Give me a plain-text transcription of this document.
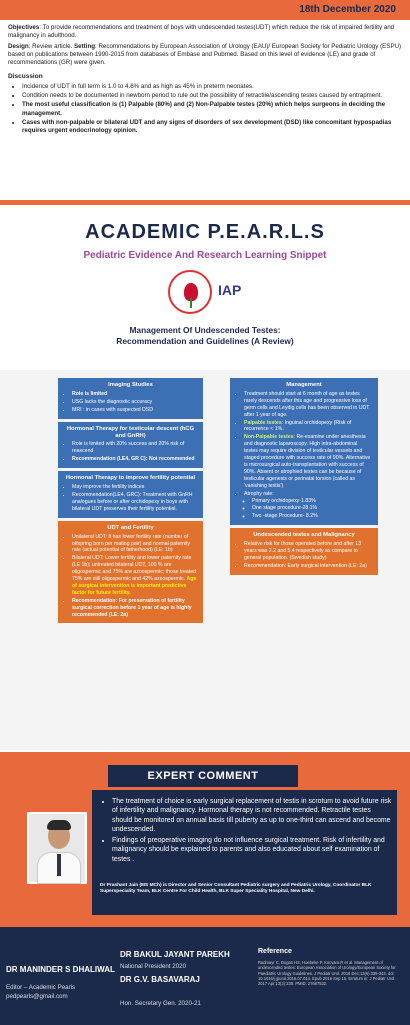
18th December 2020

Objectives: To provide recommendations and treatment of boys with undescended testes(UDT) which reduce the risk of impaired fertility and malignancy in adulthood.

Design: Review article. Setting: Recommendations by European Association of Urology (EAU)/ European Society for Pediatric Urology (ESPU) based on publications between 1990-2015 from databases of Embase and Pubmed. Based on this level of evidence (LE) and grade of recommendations (GR) were given.

Discussion
• Incidence of UDT in full term is 1.0 to 4.6% and as high as 45% in preterm neonates.
• Condition needs to be documented in newborn period to rule out the possibility of retractile/ascending testes caused by entrapment.
• The most useful classification is (1) Palpable (80%) and (2) Non-Palpable testes (20%) which helps surgeons in deciding the management.
• Cases with non-palpable or bilateral UDT and any signs of disorders of sex development (DSD) like concomitant hypospadias requires urgent endocrinology opinion.
ACADEMIC P.E.A.R.L.S
Pediatric Evidence And Research Learning Snippet
IAP
Management Of Undescended Testes:
Recommendation and Guidelines (A Review)
Imaging Studies
• Role is limited
• USG lacks the diagnostic accuracy
• MRI : in cases with suspected DSD
Hormonal Therapy for testicular descent (hCG and GnRH)
• Role is limited with 20% success and 20% risk of reascend
• Recommendation (LE4, GR C): Not recommended
Hormonal Therapy to improve fertility potential
• May improve the fertility indices
• Recommendation(LE4, GRC): Treatment with GnRH analogues before or after orchidopexy in boys with bilateral UDT preserves their fertility potential.
UDT and Fertility
• Unilateral UDT: It has lower fertility rate (number of offspring born per mating pair) and normal paternity rate (actual potential of fatherhood) (LE: 1b)
• Bilateral UDT: Lower fertility and lower paternity rate (LE 1b); untreated bilateral UDT, 100 % are oligospermic and 75% are azoospermic; those treated 75% are still oligospermic and 42% azoospermic. Age of surgical intervention is important predictive factor for future fertility.
• Recommendation: For preservation of fertility surgical correction before 1 year of age is highly recommended (LE: 2a)
Management
• Treatment should start at 6 month of age as testes rarely descends after this age and progressive loss of germ cells and Leydig cells has been observed in UDT after 1 year of age.
• Palpable testes: Inguinal orchidopexy (Risk of recurrence < 1%.
• Non-Palpable testes: Re-examine under anesthesia and diagnostic laparoscopy. High intra-abdominal testes may require division of testicular vessels and staged procedure with success rate of 90%. Alternative is microsurgical auto-transplantation with success of 90%. Absent or atrophied testes can be because of testicular agenesis or perinatal torsion (called as 'vanishing testis')
• Atrophy rate:
◦ Primary orchidopexy-1.83%
◦ One stage procedure-28.1%
◦ Two -stage Procedure- 8.2%
Undescended testes and Malignancy
• Relative risk for those operated before and after 13 years was 2.2 and 5.4 respectively as compare to general population. (Swedish study)
• Recommendation: Early surgical intervention (LE: 2a)
EXPERT COMMENT
• The treatment of choice is early surgical replacement of testis in scrotum to avoid future risk of infertility and malignancy. Hormonal therapy is not recommended. Retractile testes should be monitored on annual basis till puberty as up to one-third can ascend and become undescended.
• Findings of preoperative imaging do not influence surgical treatment. Risk of infertility and malignancy should be explained to parents and also educated about self examination of testes .
Dr Prashant Jain (MS MCh) is Director and Senior Consultant Pediatric surgery and Pediatric Urology, Coordinator BLK Superspeciality Team, BLK Centre For Child Health, BLK Super Speciality Hospital, New Delhi.
DR MANINDER S DHALIWAL
Editor – Academic Pearls
pedpearls@gmail.com
DR BAKUL JAYANT PAREKH
National President 2020
DR G.V. BASAVARAJ
Hon. Secretary Gen. 2020-21
Reference
Radmayr C, Dogan HS, Hoebeke P, Kocvara R et al. Management of undescended testes: European Association of Urology/European Society for Paediatric Urology Guidelines. J Pediatr Urol. 2016 Dec;12(6):335-343. doi: 10.1016/j.jpurol.2016.07.014. Epub 2016 Sep 15. Erratum in: J Pediatr Urol. 2017 Apr;13(2):239. PMID: 27687532.
